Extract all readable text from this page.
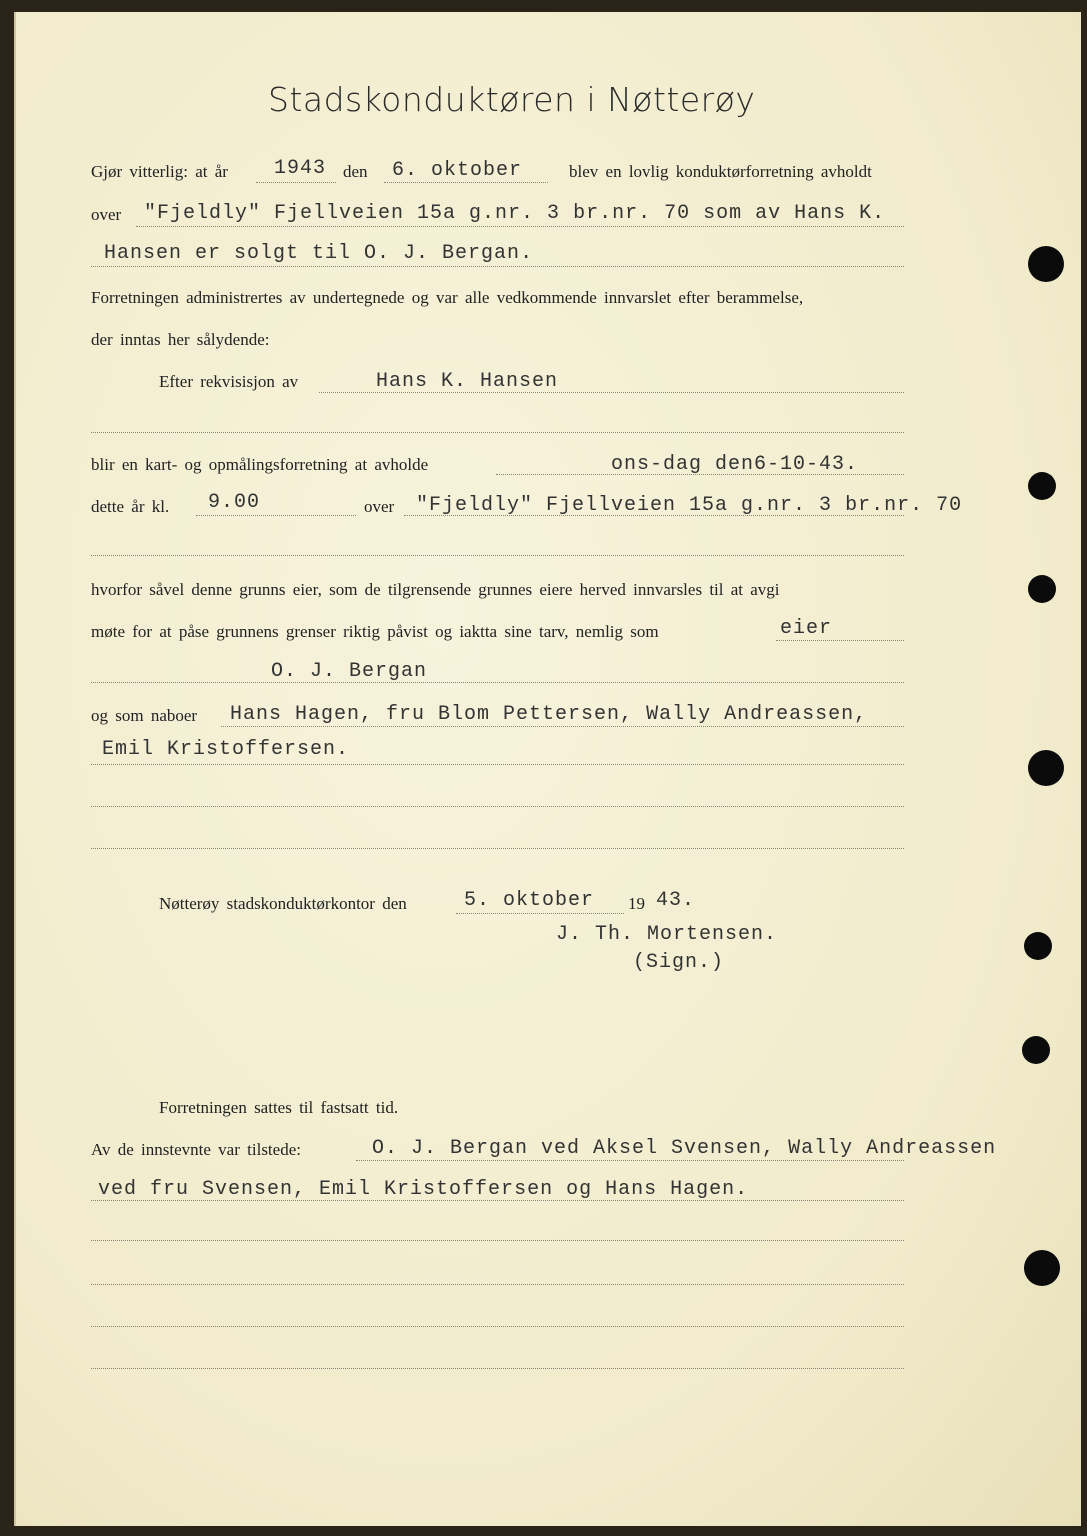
Stadskonduktøren i Nøtterøy
Gjør vitterlig: at år 1943 den 6. oktober	blev en lovlig konduktørforretning avholdt
over "Fjeldly" Fjellveien 15a g.nr. 3 br.nr. 70 som av Hans K.
Hansen er solgt til O. J. Bergan.
Forretningen administrertes av undertegnede og var alle vedkommende innvarslet efter berammelse,
der inntas her sålydende:
Efter rekvisisjon av	Hans K. Hansen
blir en kart- og opmålingsforretning at avholde	ons-dag den 6-10-43.
dette år kl. 9.00	over "Fjeldly" Fjellveien 15a g.nr. 3 br.nr. 70
hvorfor såvel denne grunns eier, som de tilgrensende grunnes eiere herved innvarsles til at avgi
møte for at påse grunnens grenser riktig påvist og iaktta sine tarv, nemlig som	eier
O. J. Bergan
og som naboer Hans Hagen, fru Blom Pettersen, Wally Andreassen,
Emil Kristoffersen.
Nøtterøy stadskonduktørkontor den	5. oktober 19 43.
J. Th. Mortensen.
(Sign.)
Forretningen sattes til fastsatt tid.
Av de innstevnte var tilstede:	O. J. Bergan ved Aksel Svensen, Wally Andreassen
ved fru Svensen, Emil Kristoffersen og Hans Hagen.
